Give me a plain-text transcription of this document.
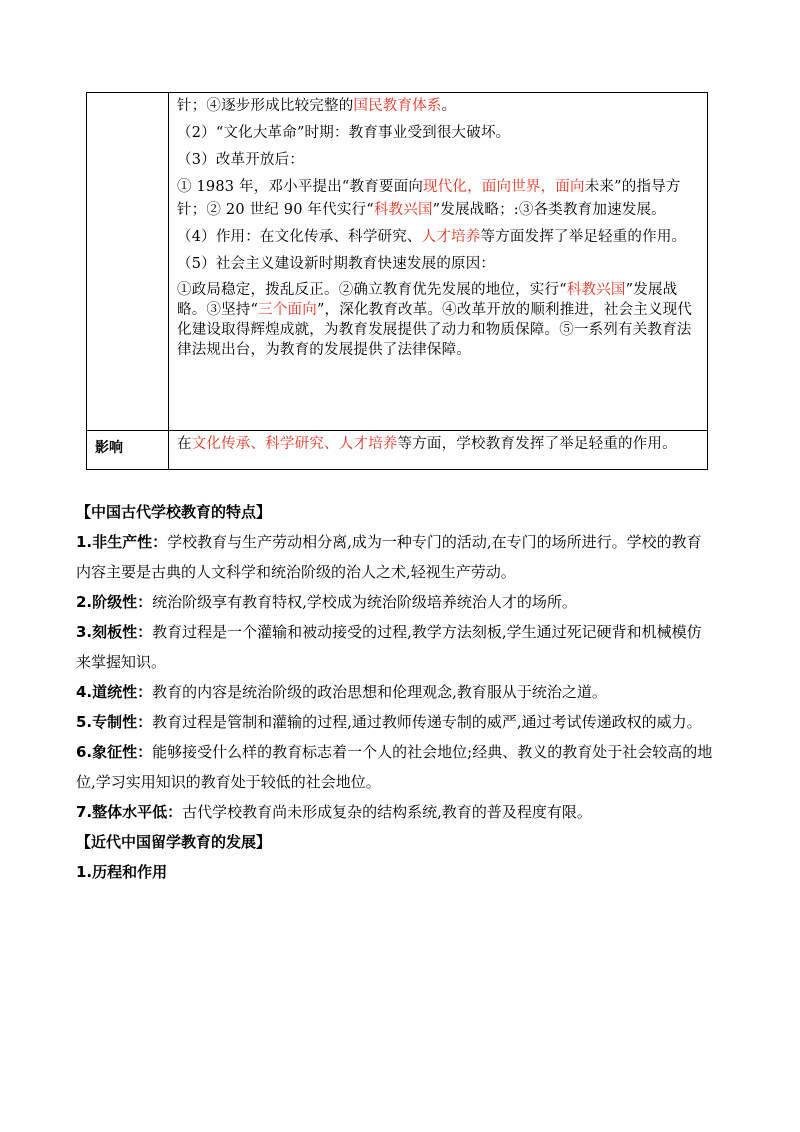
针；④逐步形成比较完整的国民教育体系。
（2）“文化大革命”时期：教育事业受到很大破坏。
（3）改革开放后：
① 1983 年，邓小平提出“教育要面向现代化，面向世界，面向未来”的指导方针；② 20 世纪 90 年代实行“科教兴国”发展战略；:③各类教育加速发展。
（4）作用：在文化传承、科学研究、人才培养等方面发挥了举足轻重的作用。
（5）社会主义建设新时期教育快速发展的原因：
①政局稳定，拨乱反正。②确立教育优先发展的地位，实行“科教兴国”发展战略。③坚持“三个面向”，深化教育改革。④改革开放的顺利推进，社会主义现代化建设取得辉煌成就，为教育发展提供了动力和物质保障。⑤一系列有关教育法律法规出台，为教育的发展提供了法律保障。
影响	在文化传承、科学研究、人才培养等方面，学校教育发挥了举足轻重的作用。

【中国古代学校教育的特点】

1.非生产性：学校教育与生产劳动相分离,成为一种专门的活动,在专门的场所进行。学校的教育内容主要是古典的人文科学和统治阶级的治人之术,轻视生产劳动。

2.阶级性：统治阶级享有教育特权,学校成为统治阶级培养统治人才的场所。

3.刻板性：教育过程是一个灌输和被动接受的过程,教学方法刻板,学生通过死记硬背和机械模仿来掌握知识。

4.道统性：教育的内容是统治阶级的政治思想和伦理观念,教育服从于统治之道。

5.专制性：教育过程是管制和灌输的过程,通过教师传递专制的威严,通过考试传递政权的威力。

6.象征性：能够接受什么样的教育标志着一个人的社会地位;经典、教义的教育处于社会较高的地位,学习实用知识的教育处于较低的社会地位。

7.整体水平低：古代学校教育尚未形成复杂的结构系统,教育的普及程度有限。

【近代中国留学教育的发展】

1.历程和作用
